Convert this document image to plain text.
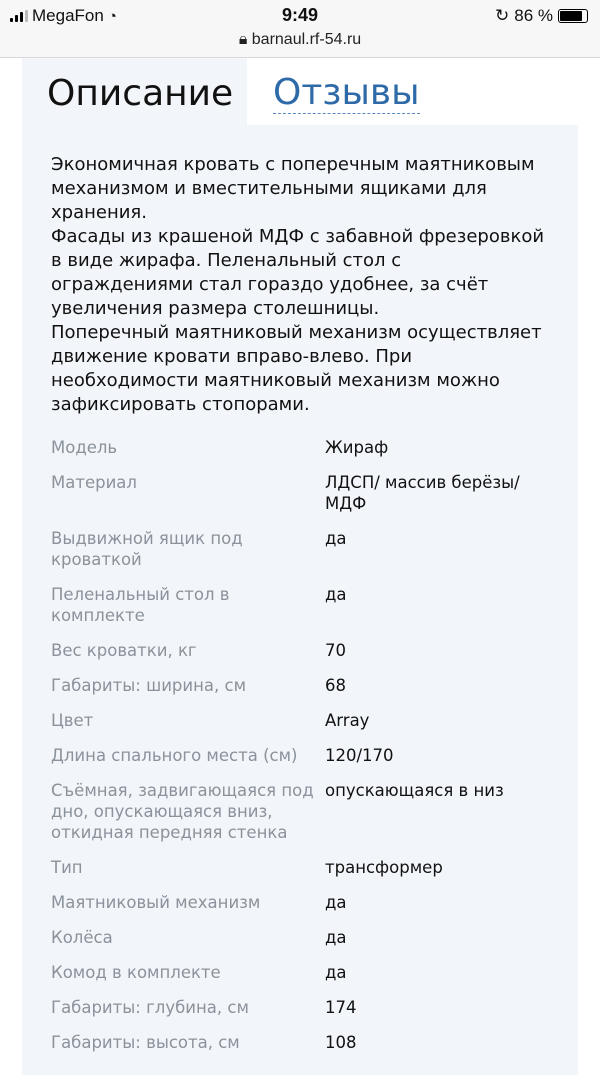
MegaFon ◔	9:49	↻ 86 %
🔒︎ barnaul.rf-54.ru
Описание	Отзывы
Экономичная кровать с поперечным маятниковым механизмом и вместительными ящиками для хранения.
Фасады из крашеной МДФ с забавной фрезеровкой в виде жирафа. Пеленальный стол с ограждениями стал гораздо удобнее, за счёт увеличения размера столешницы.
Поперечный маятниковый механизм осуществляет движение кровати вправо-влево. При необходимости маятниковый механизм можно зафиксировать стопорами.
Модель	Жираф
Материал	ЛДСП/ массив берёзы/ МДФ
Выдвижной ящик под кроваткой	да
Пеленальный стол в комплекте	да
Вес кроватки, кг	70
Габариты: ширина, см	68
Цвет	Array
Длина спального места (см)	120/170
Съёмная, задвигающаяся под дно, опускающаяся вниз, откидная передняя стенка	опускающаяся в низ
Тип	трансформер
Маятниковый механизм	да
Колёса	да
Комод в комплекте	да
Габариты: глубина, см	174
Габариты: высота, см	108
